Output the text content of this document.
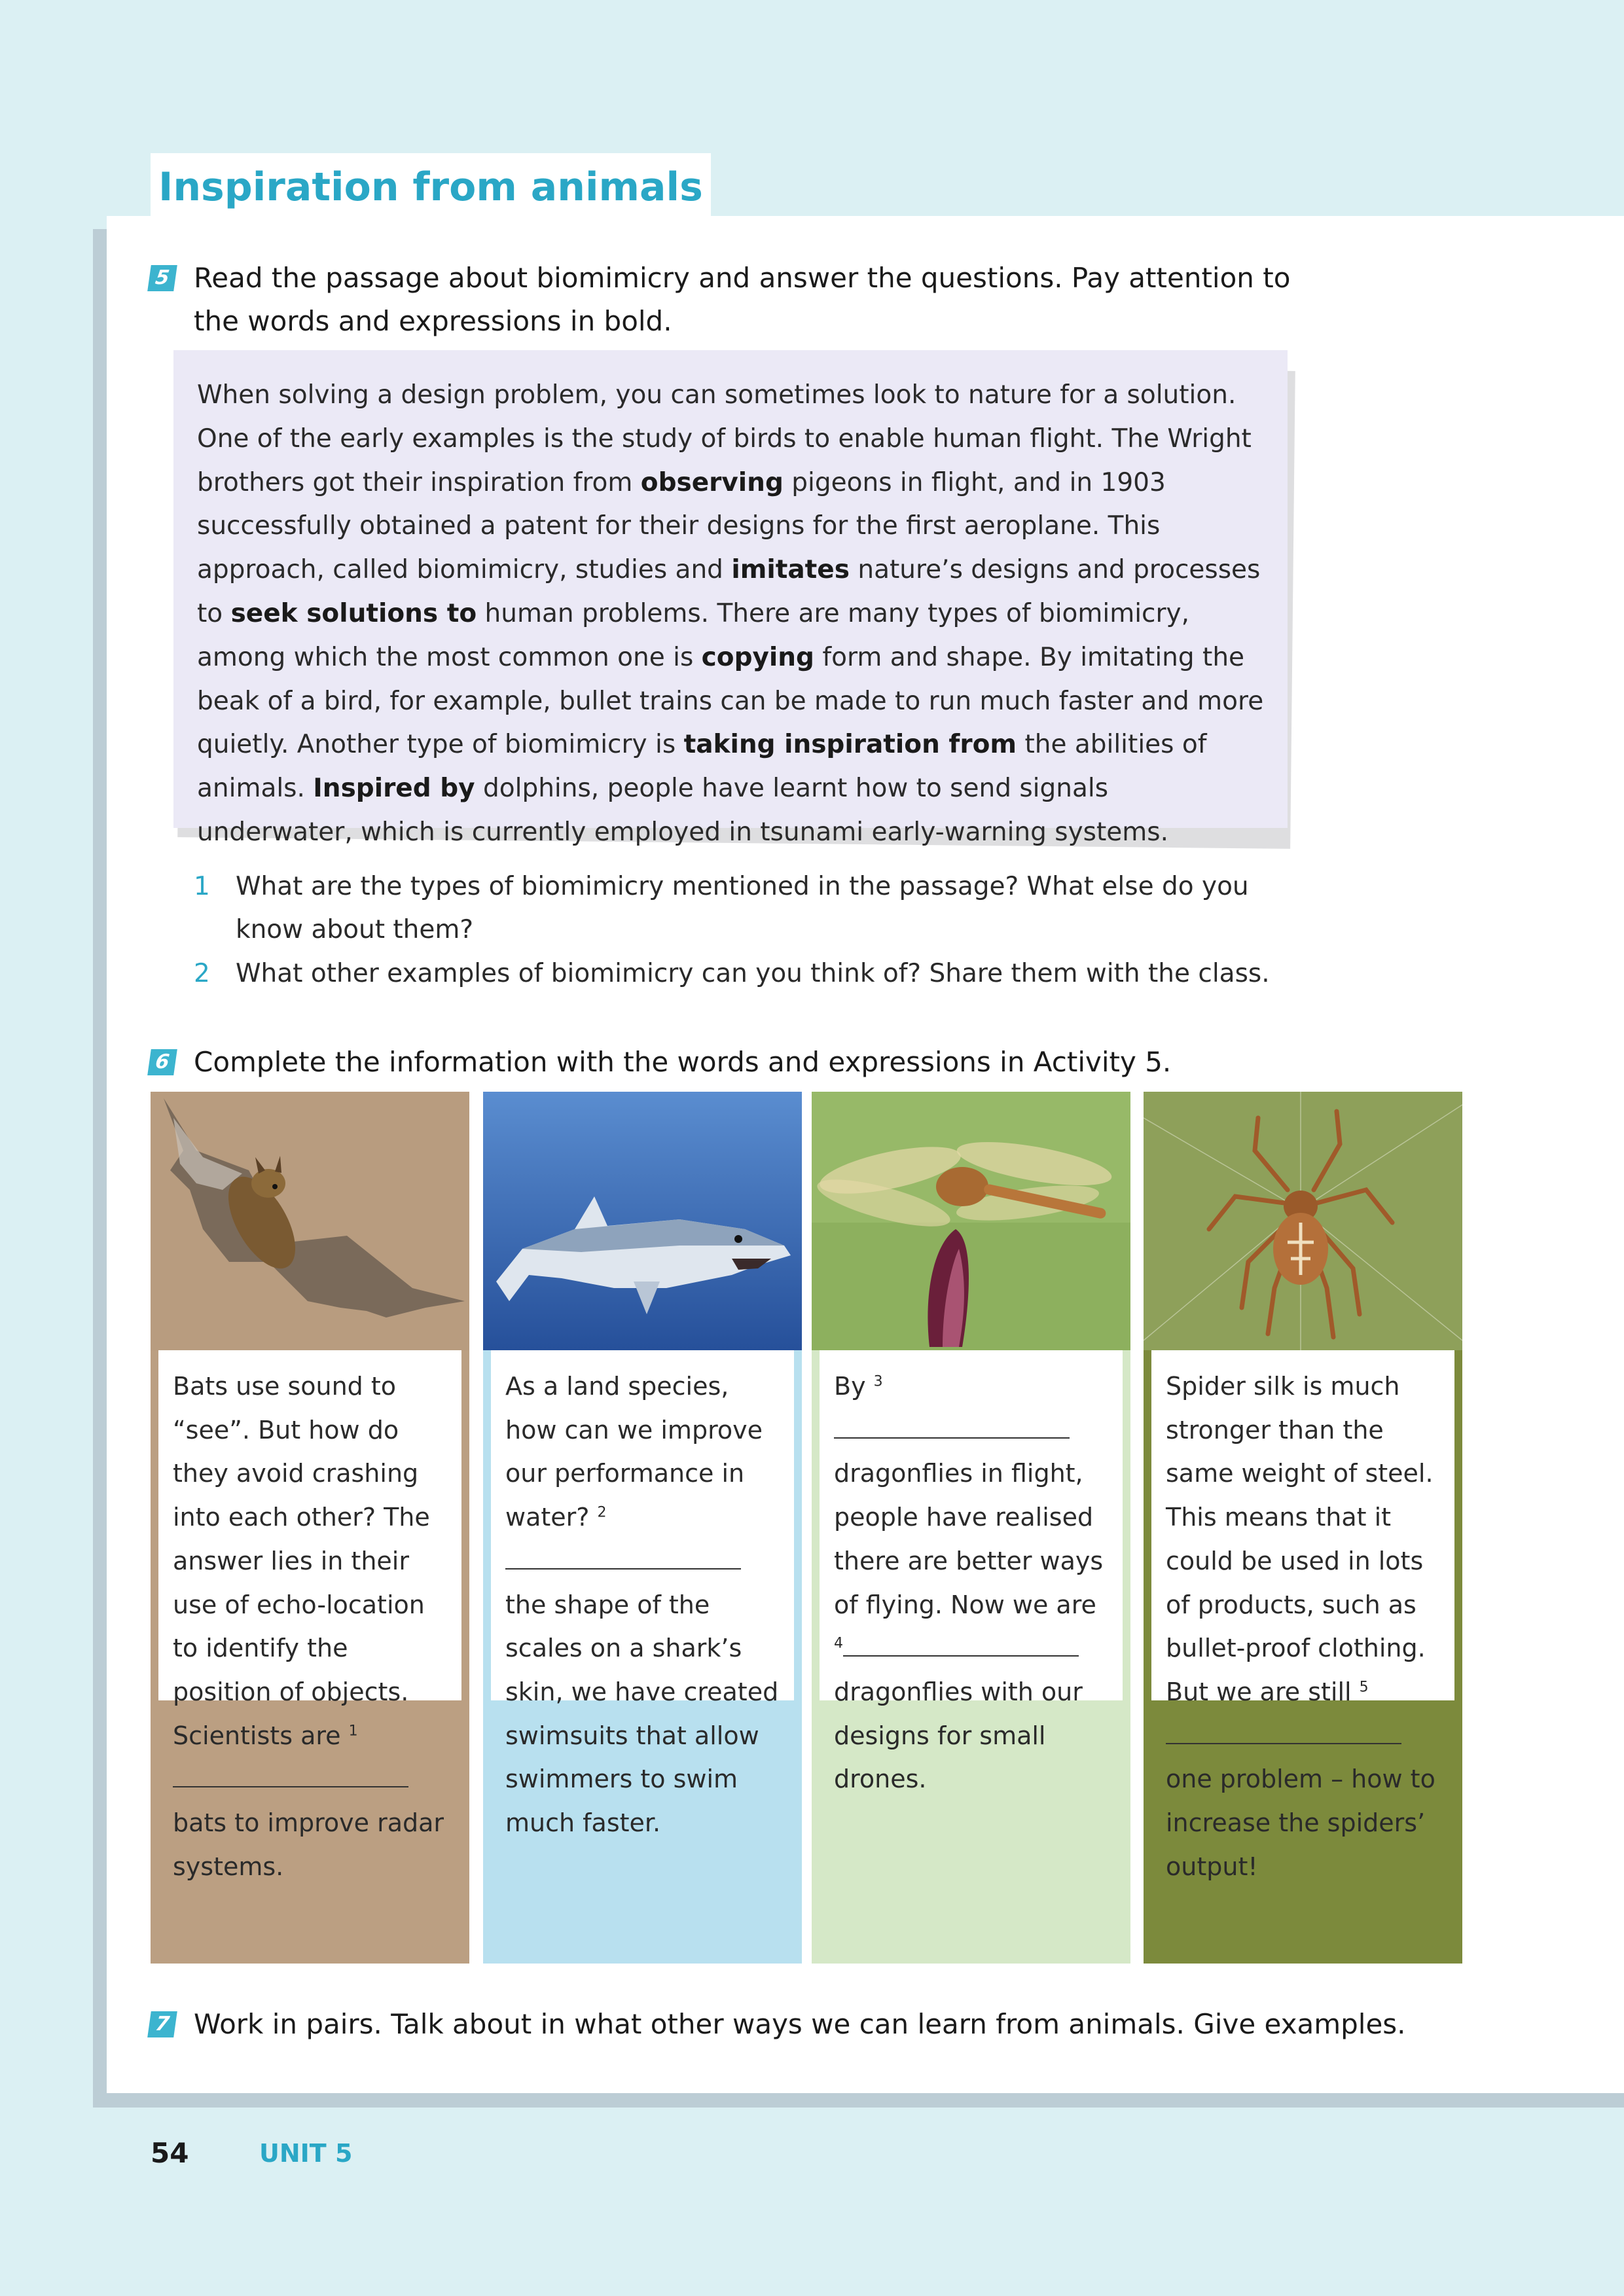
Inspiration from animals
5 Read the passage about biomimicry and answer the questions. Pay attention to
the words and expressions in bold.

When solving a design problem, you can sometimes look to nature for a solution. One of the early examples is the study of birds to enable human flight. The Wright brothers got their inspiration from observing pigeons in flight, and in 1903 successfully obtained a patent for their designs for the first aeroplane. This approach, called biomimicry, studies and imitates nature’s designs and processes to seek solutions to human problems. There are many types of biomimicry, among which the most common one is copying form and shape. By imitating the beak of a bird, for example, bullet trains can be made to run much faster and more quietly. Another type of biomimicry is taking inspiration from the abilities of animals. Inspired by dolphins, people have learnt how to send signals underwater, which is currently employed in tsunami early-warning systems.

1 What are the types of biomimicry mentioned in the passage? What else do you know about them?
2 What other examples of biomimicry can you think of? Share them with the class.
6 Complete the information with the words and expressions in Activity 5.

Bats use sound to “see”. But how do they avoid crashing into each other? The answer lies in their use of echo-location to identify the position of objects. Scientists are $^1$ bats to improve radar systems.

As a land species, how can we improve our performance in water? $^2$ the shape of the scales on a shark’s skin, we have created swimsuits that allow swimmers to swim much faster.

By $^3$ dragonflies in flight, people have realised there are better ways of flying. Now we are $^4$ dragonflies with our designs for small drones.

Spider silk is much stronger than the same weight of steel. This means that it could be used in lots of products, such as bullet-proof clothing. But we are still $^5$ one problem – how to increase the spiders’ output!

7 Work in pairs. Talk about in what other ways we can learn from animals. Give examples.
54	UNIT 5
